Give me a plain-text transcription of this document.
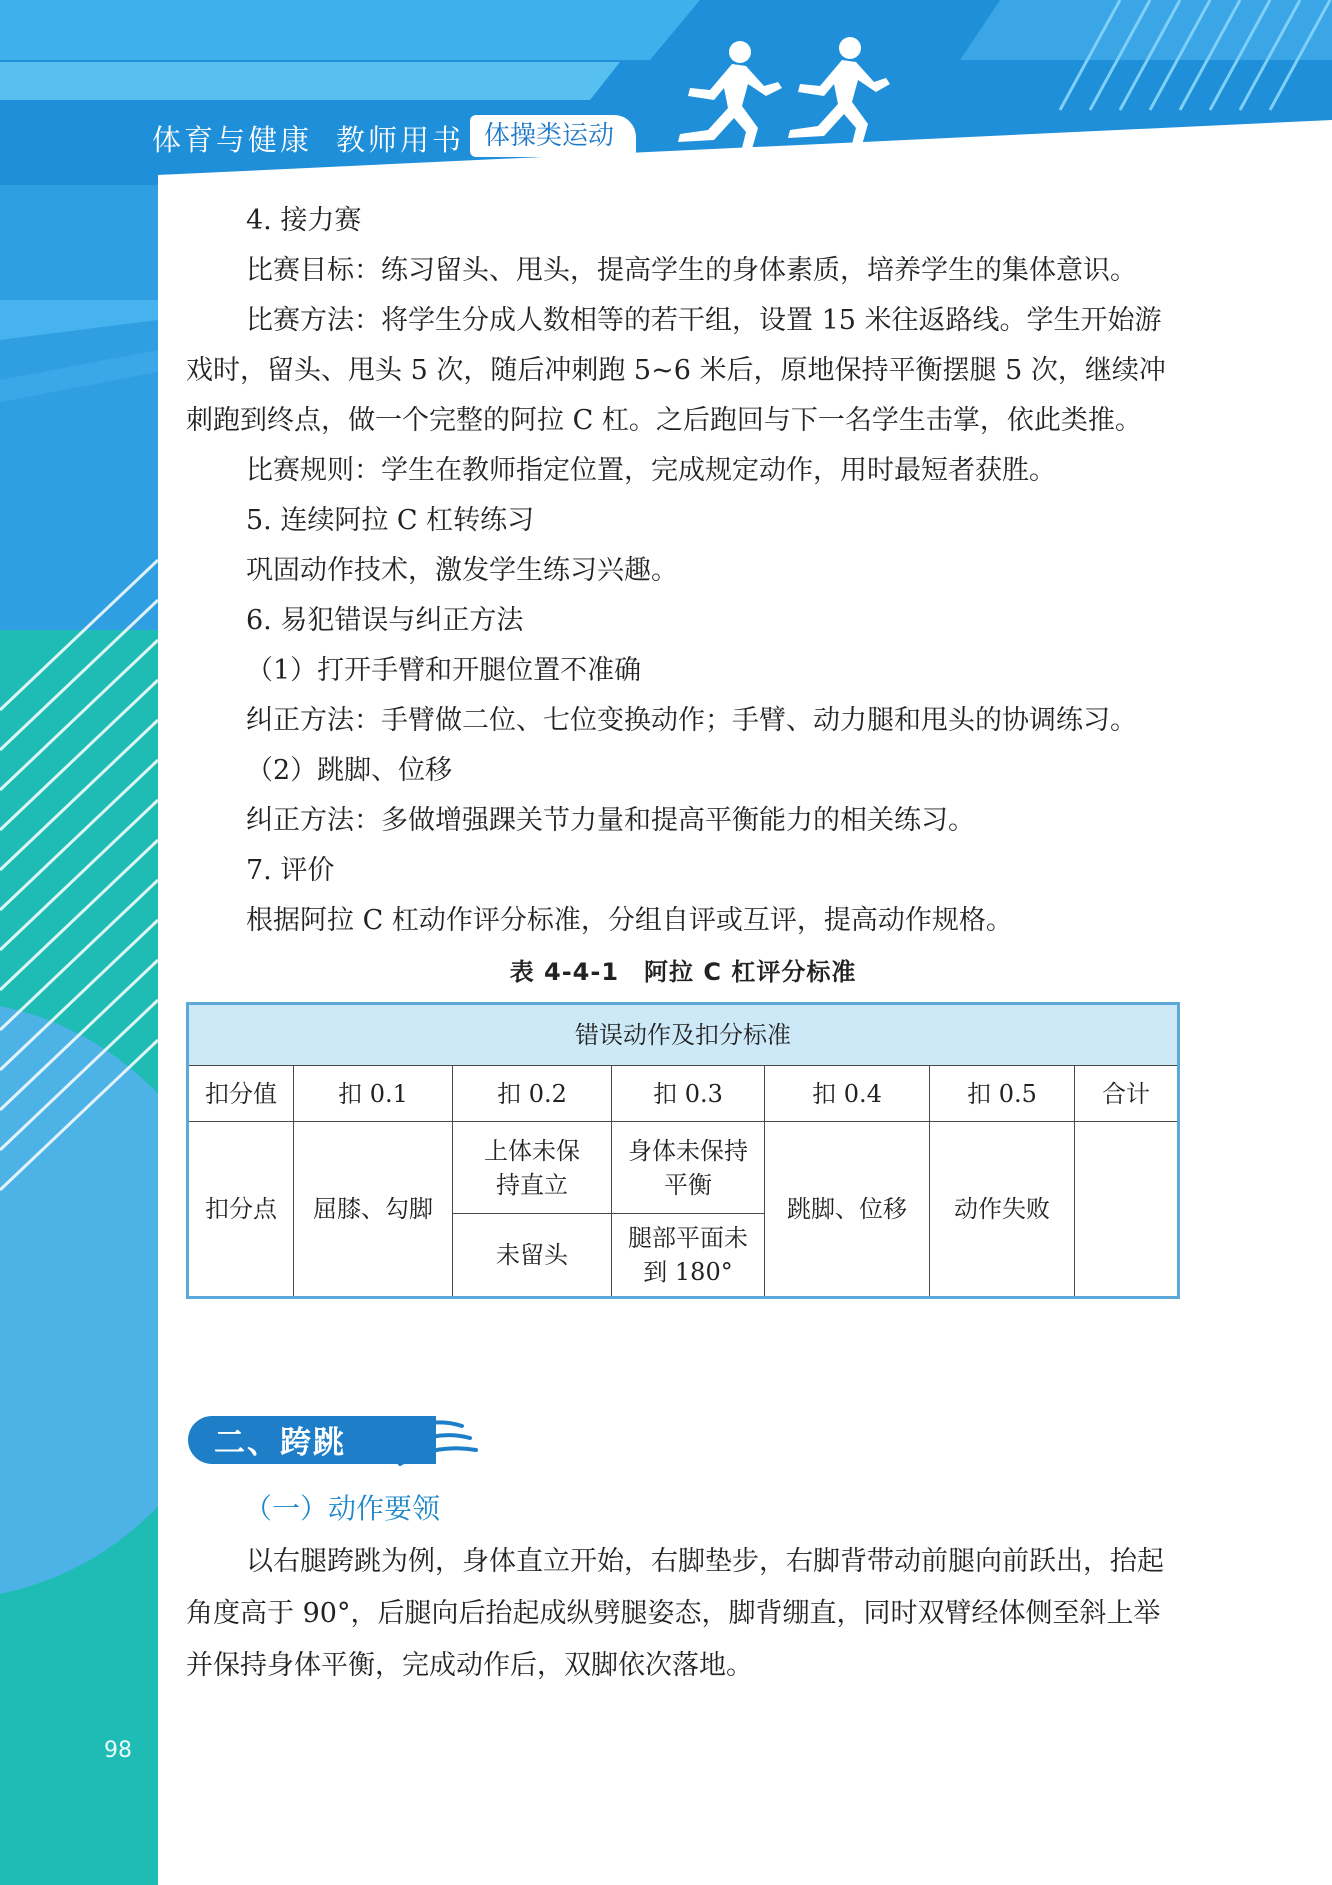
体育与健康 教师用书 体操类运动
98

4. 接力赛

比赛目标：练习留头、甩头，提高学生的身体素质，培养学生的集体意识。

比赛方法：将学生分成人数相等的若干组，设置 15 米往返路线。学生开始游戏时，留头、甩头 5 次，随后冲刺跑 5~6 米后，原地保持平衡摆腿 5 次，继续冲刺跑到终点，做一个完整的阿拉 C 杠。之后跑回与下一名学生击掌，依此类推。

比赛规则：学生在教师指定位置，完成规定动作，用时最短者获胜。

5. 连续阿拉 C 杠转练习

巩固动作技术，激发学生练习兴趣。

6. 易犯错误与纠正方法

（1）打开手臂和开腿位置不准确

纠正方法：手臂做二位、七位变换动作；手臂、动力腿和甩头的协调练习。

（2）跳脚、位移

纠正方法：多做增强踝关节力量和提高平衡能力的相关练习。

7. 评价

根据阿拉 C 杠动作评分标准，分组自评或互评，提高动作规格。

表 4-4-1　阿拉 C 杠评分标准
错误动作及扣分标准						
扣分值	扣 0.1	扣 0.2	扣 0.3	扣 0.4	扣 0.5	合计
扣分点	屈膝、勾脚	上体未保持直立	身体未保持平衡	跳脚、位移	动作失败	
		未留头	腿部平面未到 180°			
二、跨跳
（一）动作要领

以右腿跨跳为例，身体直立开始，右脚垫步，右脚背带动前腿向前跃出，抬起角度高于 90°，后腿向后抬起成纵劈腿姿态，脚背绷直，同时双臂经体侧至斜上举并保持身体平衡，完成动作后，双脚依次落地。
